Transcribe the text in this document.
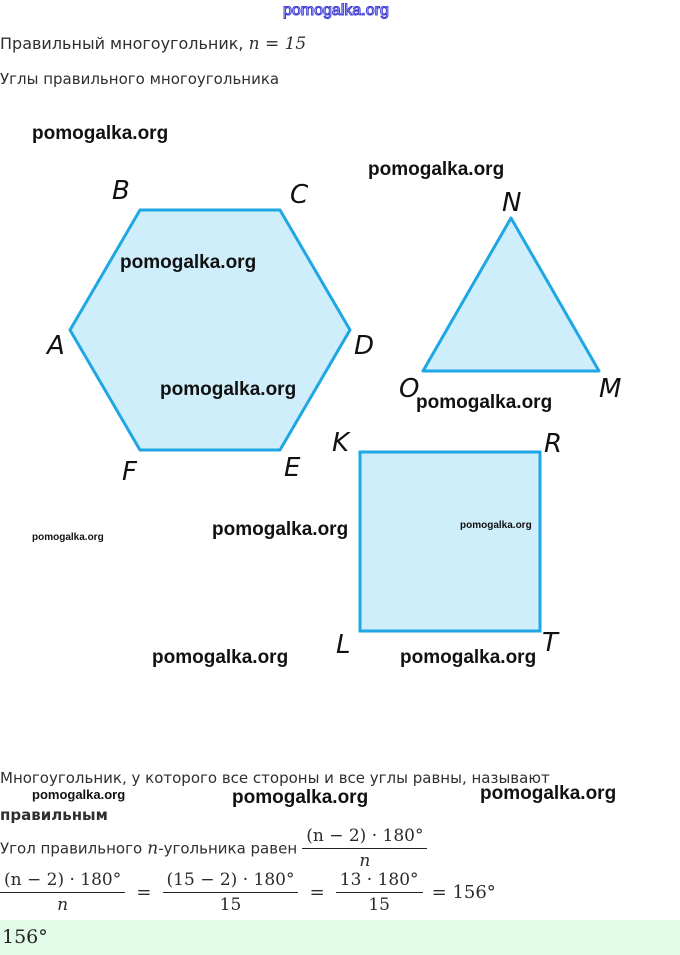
pomogalka.org
Правильный многоугольник, n = 15
Углы правильного многоугольника
A
B	C
D
E
F
N
M
O
K	R
T
L
pomogalka.org
pomogalka.org
pomogalka.org
pomogalka.org
pomogalka.org
pomogalka.org	pomogalka.org
pomogalka.org
pomogalka.org	pomogalka.org
Многоугольник, у которого все стороны и все углы равны, называют
правильным
pomogalka.org	pomogalka.org	pomogalka.org
Угол правильного n-угольника равен $\frac{(n - 2) \cdot 180^\circ}{n}$
$\frac{(n - 2) \cdot 180^\circ}{n} = \frac{(15 - 2) \cdot 180^\circ}{15} = \frac{13 \cdot 180^\circ}{15} = 156^\circ$
156°
